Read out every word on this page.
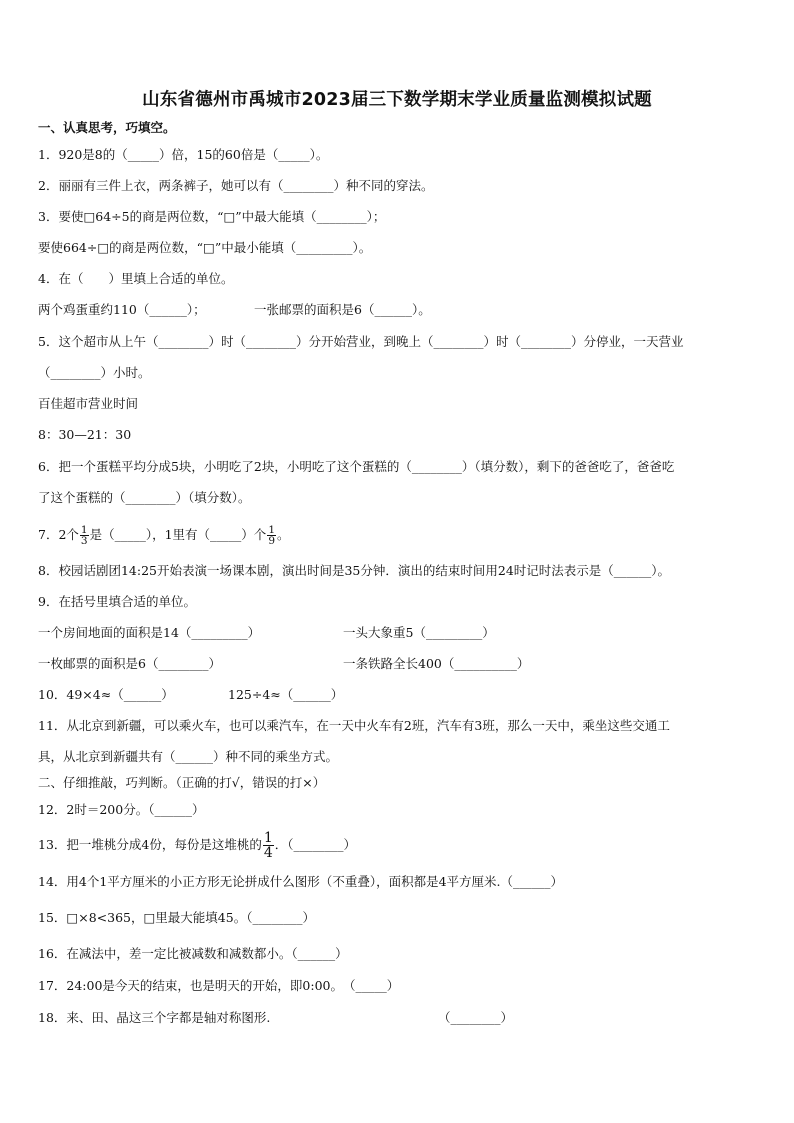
山东省德州市禹城市2023届三下数学期末学业质量监测模拟试题
一、认真思考，巧填空。
1．920是8的（_____）倍，15的60倍是（_____）。
2．丽丽有三件上衣，两条裤子，她可以有（________）种不同的穿法。
3．要使□64÷5的商是两位数，“□”中最大能填（________）；
要使664÷□的商是两位数，“□”中最小能填（_________）。
4．在（　　）里填上合适的单位。
两个鸡蛋重约110（______）；	一张邮票的面积是6（______）。
5．这个超市从上午（________）时（________）分开始营业，到晚上（________）时（________）分停业，一天营业
（________）小时。
百佳超市营业时间
8：30—21：30
6．把一个蛋糕平均分成5块，小明吃了2块，小明吃了这个蛋糕的（________）（填分数），剩下的爸爸吃了，爸爸吃
了这个蛋糕的（________）（填分数）。
7．2个 $\frac{1}{3}$ 是（_____），1里有（_____）个 $\frac{1}{9}$ 。
8．校园话剧团14:25开始表演一场课本剧，演出时间是35分钟．演出的结束时间用24时记时法表示是（______）。
9．在括号里填合适的单位。
一个房间地面的面积是14（_________）	一头大象重5（_________）
一枚邮票的面积是6（________）	一条铁路全长400（__________）
10．49×4≈（______）	125÷4≈（______）
11．从北京到新疆，可以乘火车，也可以乘汽车，在一天中火车有2班，汽车有3班，那么一天中，乘坐这些交通工
具，从北京到新疆共有（______）种不同的乘坐方式。
二、仔细推敲，巧判断。（正确的打√，错误的打×）
12．2时＝200分。（______）
13．把一堆桃分成4份，每份是这堆桃的 $\frac{1}{4}$ ．（________）
14．用4个1平方厘米的小正方形无论拼成什么图形（不重叠），面积都是4平方厘米.（______）
15．□×8<365，□里最大能填45。（________）
16．在减法中，差一定比被减数和减数都小。（______）
17．24:00是今天的结束，也是明天的开始，即0:00。　（_____）
18．来、田、晶这三个字都是轴对称图形.	（________）
